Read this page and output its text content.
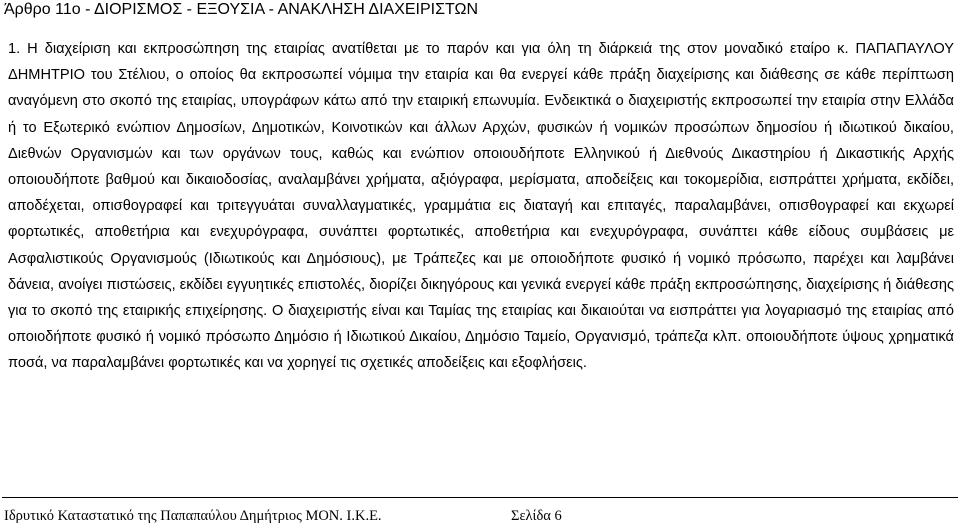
Άρθρο 11ο - ΔΙΟΡΙΣΜΟΣ - ΕΞΟΥΣΙΑ - ΑΝΑΚΛΗΣΗ ΔΙΑΧΕΙΡΙΣΤΩΝ

1. Η διαχείριση και εκπροσώπηση της εταιρίας ανατίθεται με το παρόν και για όλη τη διάρκειά της στον μοναδικό εταίρο κ. ΠΑΠΑΠΑΥΛΟΥ ΔΗΜΗΤΡΙΟ του Στέλιου, ο οποίος θα εκπροσωπεί νόμιμα την εταιρία και θα ενεργεί κάθε πράξη διαχείρισης και διάθεσης σε κάθε περίπτωση αναγόμενη στο σκοπό της εταιρίας, υπογράφων κάτω από την εταιρική επωνυμία. Ενδεικτικά ο διαχειριστής εκπροσωπεί την εταιρία στην Ελλάδα ή το Εξωτερικό ενώπιον Δημοσίων, Δημοτικών, Κοινοτικών και άλλων Αρχών, φυσικών ή νομικών προσώπων δημοσίου ή ιδιωτικού δικαίου, Διεθνών Οργανισμών και των οργάνων τους, καθώς και ενώπιον οποιουδήποτε Ελληνικού ή Διεθνούς Δικαστηρίου ή Δικαστικής Αρχής οποιουδήποτε βαθμού και δικαιοδοσίας, αναλαμβάνει χρήματα, αξιόγραφα, μερίσματα, αποδείξεις και τοκομερίδια, εισπράττει χρήματα, εκδίδει, αποδέχεται, οπισθογραφεί και τριτεγγυάται συναλλαγματικές, γραμμάτια εις διαταγή και επιταγές, παραλαμβάνει, οπισθογραφεί και εκχωρεί φορτωτικές, αποθετήρια και ενεχυρόγραφα, συνάπτει φορτωτικές, αποθετήρια και ενεχυρόγραφα, συνάπτει κάθε είδους συμβάσεις με Ασφαλιστικούς Οργανισμούς (Ιδιωτικούς και Δημόσιους), με Τράπεζες και με οποιοδήποτε φυσικό ή νομικό πρόσωπο, παρέχει και λαμβάνει δάνεια, ανοίγει πιστώσεις, εκδίδει εγγυητικές επιστολές, διορίζει δικηγόρους και γενικά ενεργεί κάθε πράξη εκπροσώπησης, διαχείρισης ή διάθεσης για το σκοπό της εταιρικής επιχείρησης. Ο διαχειριστής είναι και Ταμίας της εταιρίας και δικαιούται να εισπράττει για λογαριασμό της εταιρίας από οποιοδήποτε φυσικό ή νομικό πρόσωπο Δημόσιο ή Ιδιωτικού Δικαίου, Δημόσιο Ταμείο, Οργανισμό, τράπεζα κλπ. οποιουδήποτε ύψους χρηματικά ποσά, να παραλαμβάνει φορτωτικές και να χορηγεί τις σχετικές αποδείξεις και εξοφλήσεις.

Ιδρυτικό Καταστατικό της Παπαπαύλου Δημήτριος ΜΟΝ. Ι.Κ.Ε.	Σελίδα 6
